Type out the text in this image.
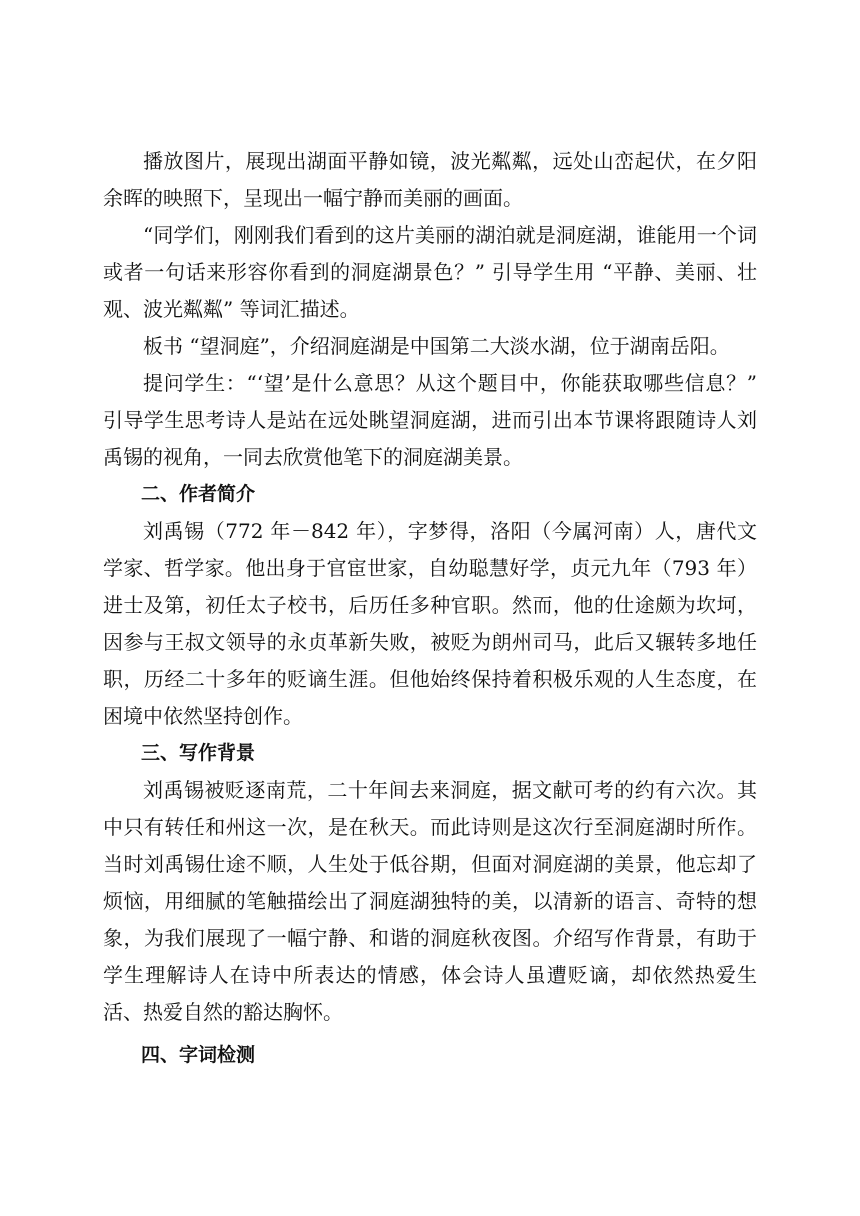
播放图片，展现出湖面平静如镜，波光粼粼，远处山峦起伏，在夕阳余晖的映照下，呈现出一幅宁静而美丽的画面。

“同学们，刚刚我们看到的这片美丽的湖泊就是洞庭湖，谁能用一个词或者一句话来形容你看到的洞庭湖景色？” 引导学生用 “平静、美丽、壮观、波光粼粼” 等词汇描述。

板书 “望洞庭”，介绍洞庭湖是中国第二大淡水湖，位于湖南岳阳。

提问学生：“‘望’是什么意思？从这个题目中，你能获取哪些信息？” 引导学生思考诗人是站在远处眺望洞庭湖，进而引出本节课将跟随诗人刘禹锡的视角，一同去欣赏他笔下的洞庭湖美景。

二、作者简介

刘禹锡（772 年－842 年），字梦得，洛阳（今属河南）人，唐代文学家、哲学家。他出身于官宦世家，自幼聪慧好学，贞元九年（793 年）进士及第，初任太子校书，后历任多种官职。然而，他的仕途颇为坎坷，因参与王叔文领导的永贞革新失败，被贬为朗州司马，此后又辗转多地任职，历经二十多年的贬谪生涯。但他始终保持着积极乐观的人生态度，在困境中依然坚持创作。

三、写作背景

刘禹锡被贬逐南荒，二十年间去来洞庭，据文献可考的约有六次。其中只有转任和州这一次，是在秋天。而此诗则是这次行至洞庭湖时所作。当时刘禹锡仕途不顺，人生处于低谷期，但面对洞庭湖的美景，他忘却了烦恼，用细腻的笔触描绘出了洞庭湖独特的美，以清新的语言、奇特的想象，为我们展现了一幅宁静、和谐的洞庭秋夜图。介绍写作背景，有助于学生理解诗人在诗中所表达的情感，体会诗人虽遭贬谪，却依然热爱生活、热爱自然的豁达胸怀。

四、字词检测
